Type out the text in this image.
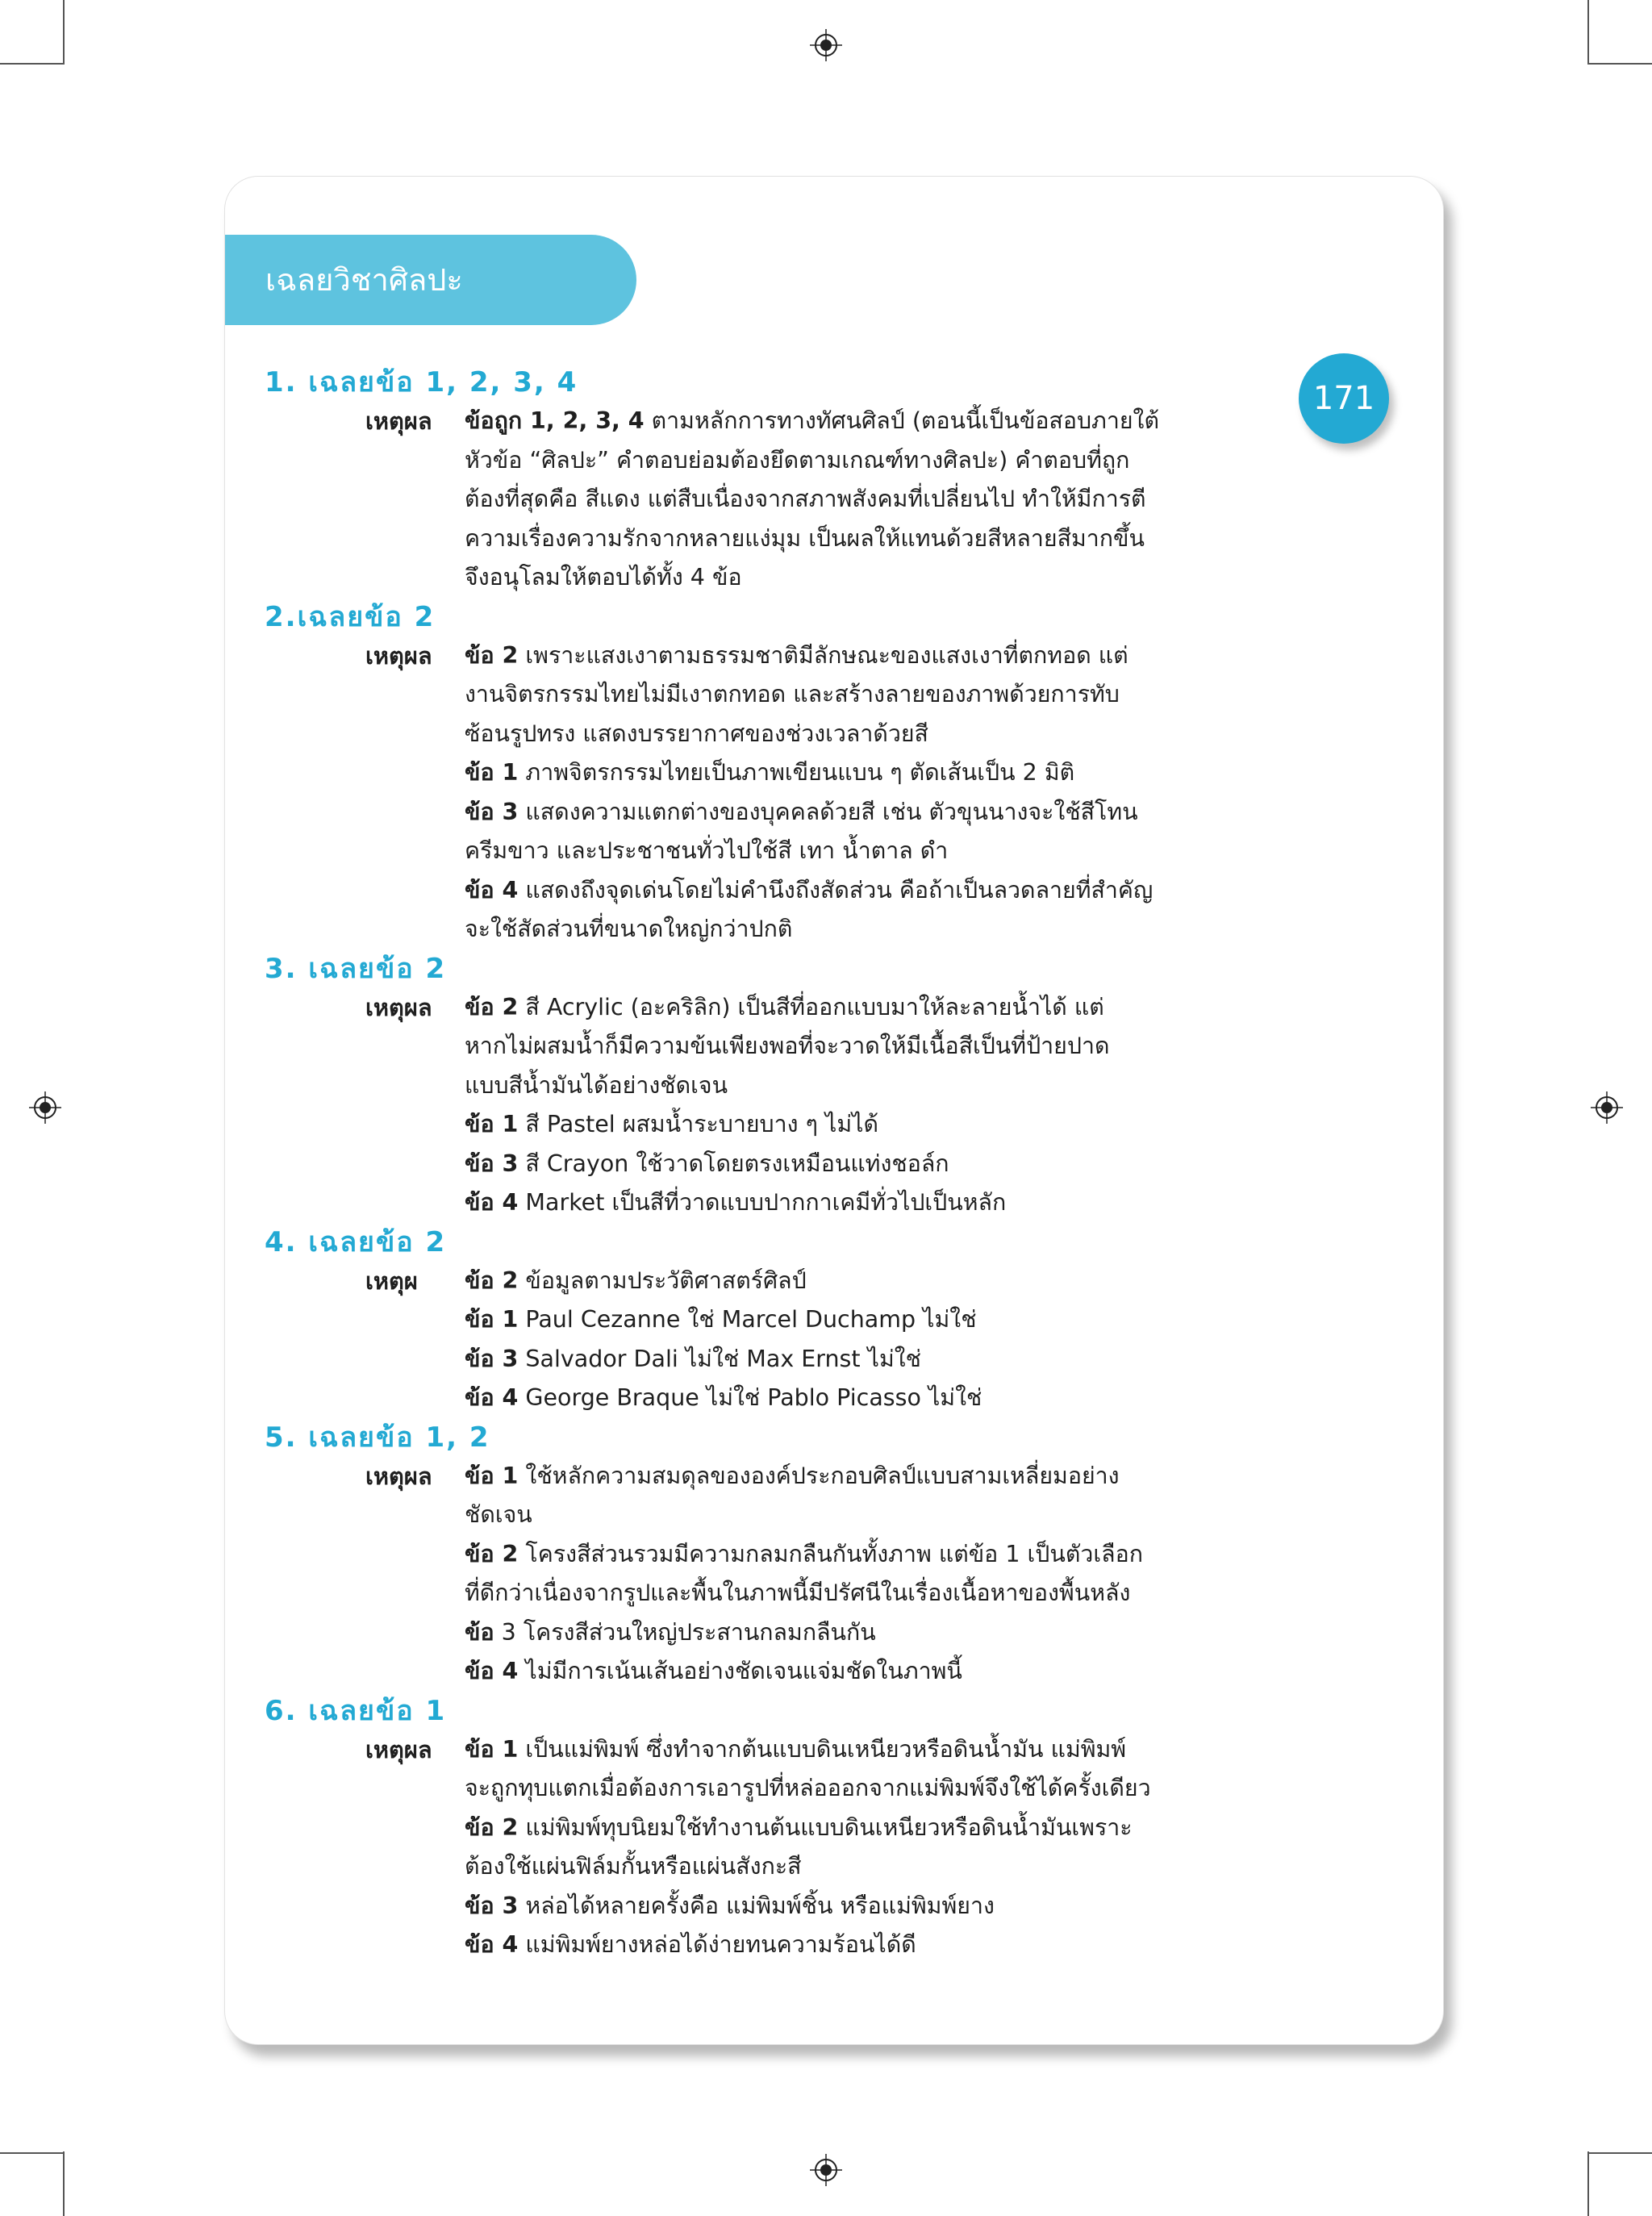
เฉลยวิชาศิลปะ
171
1. เฉลยข้อ 1, 2, 3, 4
เหตุผล	ข้อถูก 1, 2, 3, 4 ตามหลักการทางทัศนศิลป์ (ตอนนี้เป็นข้อสอบภายใต้
หัวข้อ “ศิลปะ” คำตอบย่อมต้องยึดตามเกณฑ์ทางศิลปะ) คำตอบที่ถูก
ต้องที่สุดคือ สีแดง แต่สืบเนื่องจากสภาพสังคมที่เปลี่ยนไป ทำให้มีการตี
ความเรื่องความรักจากหลายแง่มุม เป็นผลให้แทนด้วยสีหลายสีมากขึ้น
จึงอนุโลมให้ตอบได้ทั้ง 4 ข้อ
2.เฉลยข้อ 2
เหตุผล	ข้อ 2 เพราะแสงเงาตามธรรมชาติมีลักษณะของแสงเงาที่ตกทอด แต่
งานจิตรกรรมไทยไม่มีเงาตกทอด และสร้างลายของภาพด้วยการทับ
ซ้อนรูปทรง แสดงบรรยากาศของช่วงเวลาด้วยสี
ข้อ 1 ภาพจิตรกรรมไทยเป็นภาพเขียนแบน ๆ ตัดเส้นเป็น 2 มิติ
ข้อ 3 แสดงความแตกต่างของบุคคลด้วยสี เช่น ตัวขุนนางจะใช้สีโทน
ครีมขาว และประชาชนทั่วไปใช้สี เทา น้ำตาล ดำ
ข้อ 4 แสดงถึงจุดเด่นโดยไม่คำนึงถึงสัดส่วน คือถ้าเป็นลวดลายที่สำคัญ
จะใช้สัดส่วนที่ขนาดใหญ่กว่าปกติ
3. เฉลยข้อ 2
เหตุผล	ข้อ 2 สี Acrylic (อะคริลิก) เป็นสีที่ออกแบบมาให้ละลายน้ำได้ แต่
หากไม่ผสมน้ำก็มีความข้นเพียงพอที่จะวาดให้มีเนื้อสีเป็นที่ป้ายปาด
แบบสีน้ำมันได้อย่างชัดเจน
ข้อ 1 สี Pastel ผสมน้ำระบายบาง ๆ ไม่ได้
ข้อ 3 สี Crayon ใช้วาดโดยตรงเหมือนแท่งชอล์ก
ข้อ 4 Market เป็นสีที่วาดแบบปากกาเคมีทั่วไปเป็นหลัก
4. เฉลยข้อ 2
เหตุผ	ข้อ 2 ข้อมูลตามประวัติศาสตร์ศิลป์
ข้อ 1 Paul Cezanne ใช่ Marcel Duchamp ไม่ใช่
ข้อ 3 Salvador Dali ไม่ใช่ Max Ernst ไม่ใช่
ข้อ 4 George Braque ไม่ใช่ Pablo Picasso ไม่ใช่
5. เฉลยข้อ 1, 2
เหตุผล	ข้อ 1 ใช้หลักความสมดุลขององค์ประกอบศิลป์แบบสามเหลี่ยมอย่าง
ชัดเจน
ข้อ 2 โครงสีส่วนรวมมีความกลมกลืนกันทั้งภาพ แต่ข้อ 1 เป็นตัวเลือก
ที่ดีกว่าเนื่องจากรูปและพื้นในภาพนี้มีปรัศนีในเรื่องเนื้อหาของพื้นหลัง
ข้อ 3 โครงสีส่วนใหญ่ประสานกลมกลืนกัน
ข้อ 4 ไม่มีการเน้นเส้นอย่างชัดเจนแจ่มชัดในภาพนี้
6. เฉลยข้อ 1
เหตุผล	ข้อ 1 เป็นแม่พิมพ์ ซึ่งทำจากต้นแบบดินเหนียวหรือดินน้ำมัน แม่พิมพ์
จะถูกทุบแตกเมื่อต้องการเอารูปที่หล่อออกจากแม่พิมพ์จึงใช้ได้ครั้งเดียว
ข้อ 2 แม่พิมพ์ทุบนิยมใช้ทำงานต้นแบบดินเหนียวหรือดินน้ำมันเพราะ
ต้องใช้แผ่นฟิล์มกั้นหรือแผ่นสังกะสี
ข้อ 3 หล่อได้หลายครั้งคือ แม่พิมพ์ชิ้น หรือแม่พิมพ์ยาง
ข้อ 4 แม่พิมพ์ยางหล่อได้ง่ายทนความร้อนได้ดี
